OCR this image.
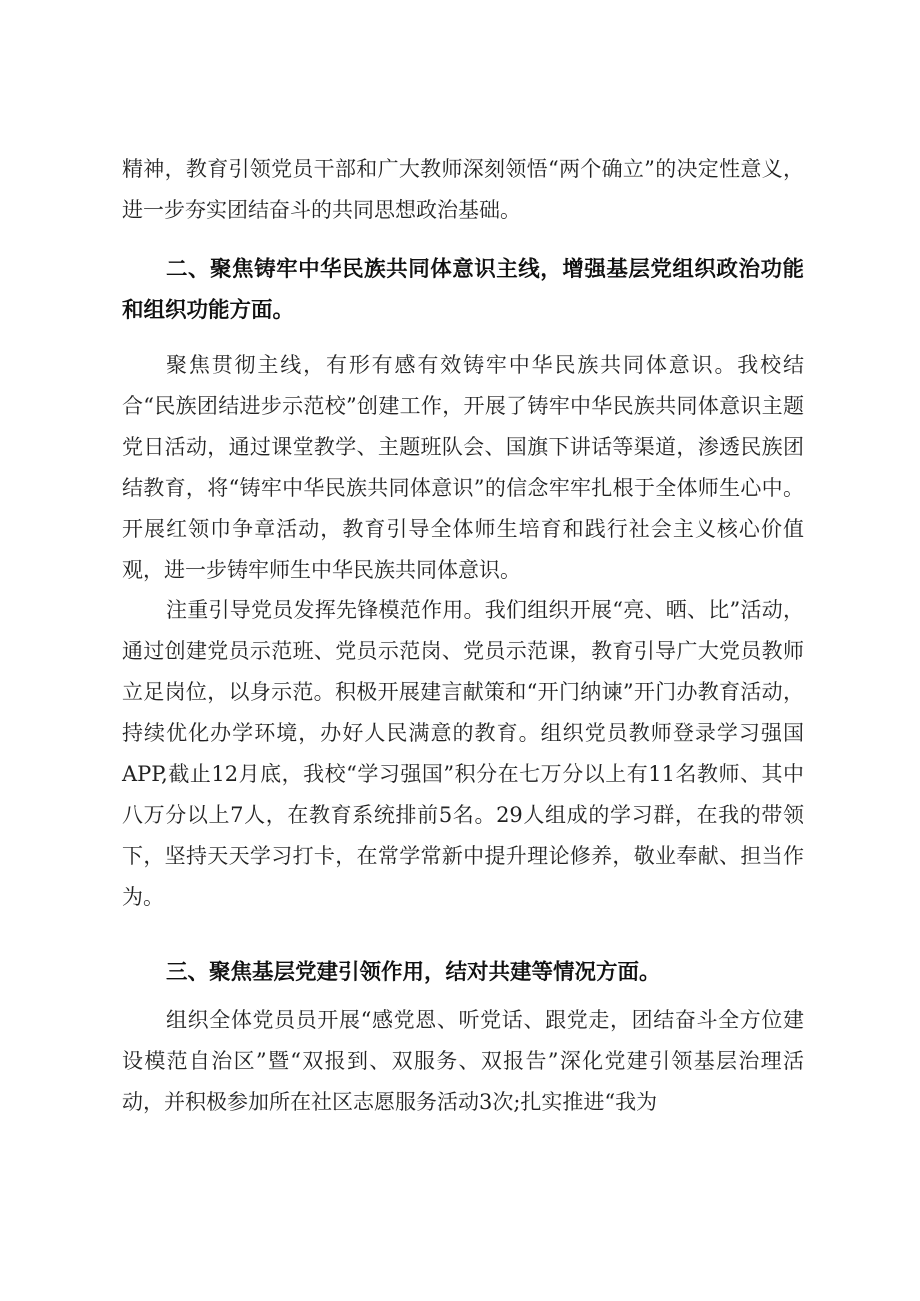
精神，教育引领党员干部和广大教师深刻领悟“两个确立”的决定性意义，进一步夯实团结奋斗的共同思想政治基础。

二、聚焦铸牢中华民族共同体意识主线，增强基层党组织政治功能和组织功能方面。

聚焦贯彻主线，有形有感有效铸牢中华民族共同体意识。我校结合“民族团结进步示范校”创建工作，开展了铸牢中华民族共同体意识主题党日活动，通过课堂教学、主题班队会、国旗下讲话等渠道，渗透民族团结教育，将“铸牢中华民族共同体意识”的信念牢牢扎根于全体师生心中。开展红领巾争章活动，教育引导全体师生培育和践行社会主义核心价值观，进一步铸牢师生中华民族共同体意识。

注重引导党员发挥先锋模范作用。我们组织开展“亮、晒、比”活动，通过创建党员示范班、党员示范岗、党员示范课，教育引导广大党员教师立足岗位，以身示范。积极开展建言献策和“开门纳谏”开门办教育活动，持续优化办学环境，办好人民满意的教育。组织党员教师登录学习强国APP,截止12月底，我校“学习强国”积分在七万分以上有11名教师、其中八万分以上7人，在教育系统排前5名。29人组成的学习群，在我的带领下，坚持天天学习打卡，在常学常新中提升理论修养，敬业奉献、担当作为。

三、聚焦基层党建引领作用，结对共建等情况方面。

组织全体党员员开展“感党恩、听党话、跟党走，团结奋斗全方位建设模范自治区”暨“双报到、双服务、双报告”深化党建引领基层治理活动，并积极参加所在社区志愿服务活动3次;扎实推进“我为
